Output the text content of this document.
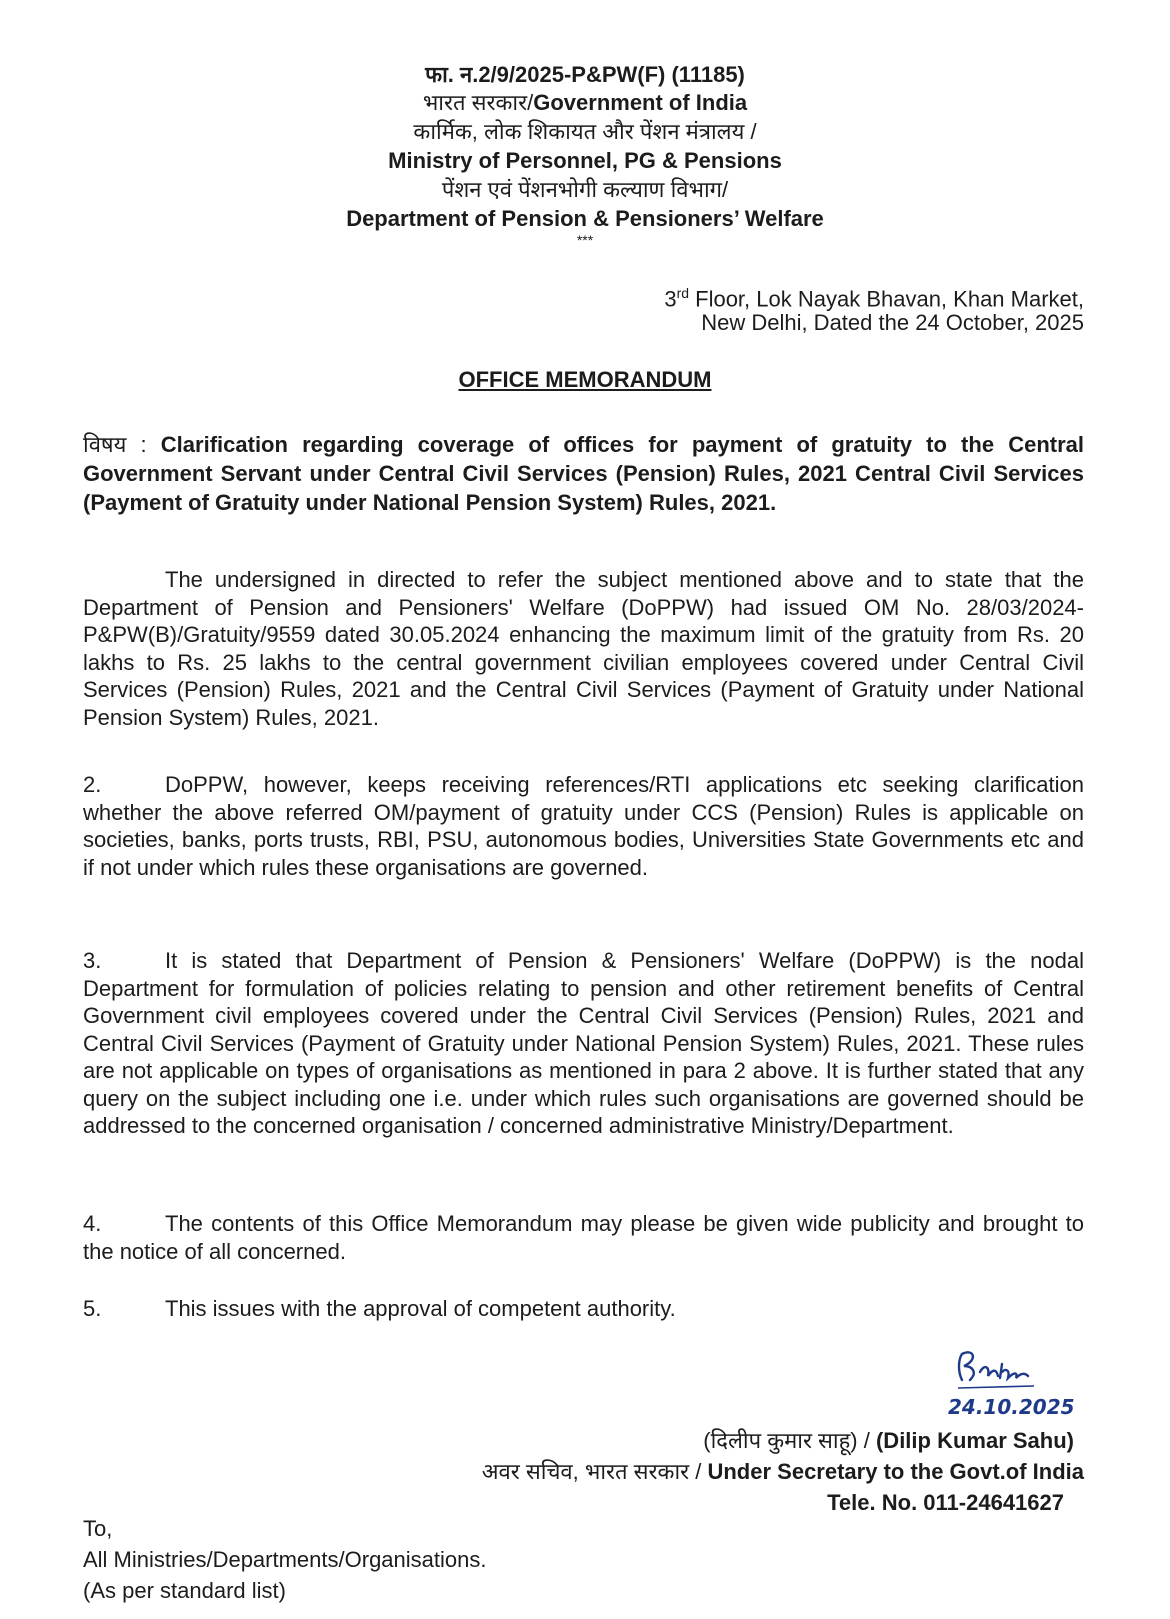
फा. न.2/9/2025-P&PW(F) (11185)
भारत सरकार/Government of India
कार्मिक, लोक शिकायत और पेंशन मंत्रालय /
Ministry of Personnel, PG & Pensions
पेंशन एवं पेंशनभोगी कल्याण विभाग/
Department of Pension & Pensioners’ Welfare
***
3rd Floor, Lok Nayak Bhavan, Khan Market,
New Delhi, Dated the 24 October, 2025
OFFICE MEMORANDUM
विषय : Clarification regarding coverage of offices for payment of gratuity to the Central Government Servant under Central Civil Services (Pension) Rules, 2021 Central Civil Services (Payment of Gratuity under National Pension System) Rules, 2021.
The undersigned in directed to refer the subject mentioned above and to state that the Department of Pension and Pensioners' Welfare (DoPPW) had issued OM No. 28/03/2024-P&PW(B)/Gratuity/9559 dated 30.05.2024 enhancing the maximum limit of the gratuity from Rs. 20 lakhs to Rs. 25 lakhs to the central government civilian employees covered under Central Civil Services (Pension) Rules, 2021 and the Central Civil Services (Payment of Gratuity under National Pension System) Rules, 2021.
2.	DoPPW, however, keeps receiving references/RTI applications etc seeking clarification whether the above referred OM/payment of gratuity under CCS (Pension) Rules is applicable on societies, banks, ports trusts, RBI, PSU, autonomous bodies, Universities State Governments etc and if not under which rules these organisations are governed.
3.	It is stated that Department of Pension & Pensioners' Welfare (DoPPW) is the nodal Department for formulation of policies relating to pension and other retirement benefits of Central Government civil employees covered under the Central Civil Services (Pension) Rules, 2021 and Central Civil Services (Payment of Gratuity under National Pension System) Rules, 2021. These rules are not applicable on types of organisations as mentioned in para 2 above. It is further stated that any query on the subject including one i.e. under which rules such organisations are governed should be addressed to the concerned organisation / concerned administrative Ministry/Department.
4.	The contents of this Office Memorandum may please be given wide publicity and brought to the notice of all concerned.
5.	This issues with the approval of competent authority.
24.10.2025
(दिलीप कुमार साहू) / (Dilip Kumar Sahu)
अवर सचिव, भारत सरकार / Under Secretary to the Govt.of India
Tele. No. 011-24641627
To,
All Ministries/Departments/Organisations.
(As per standard list)
